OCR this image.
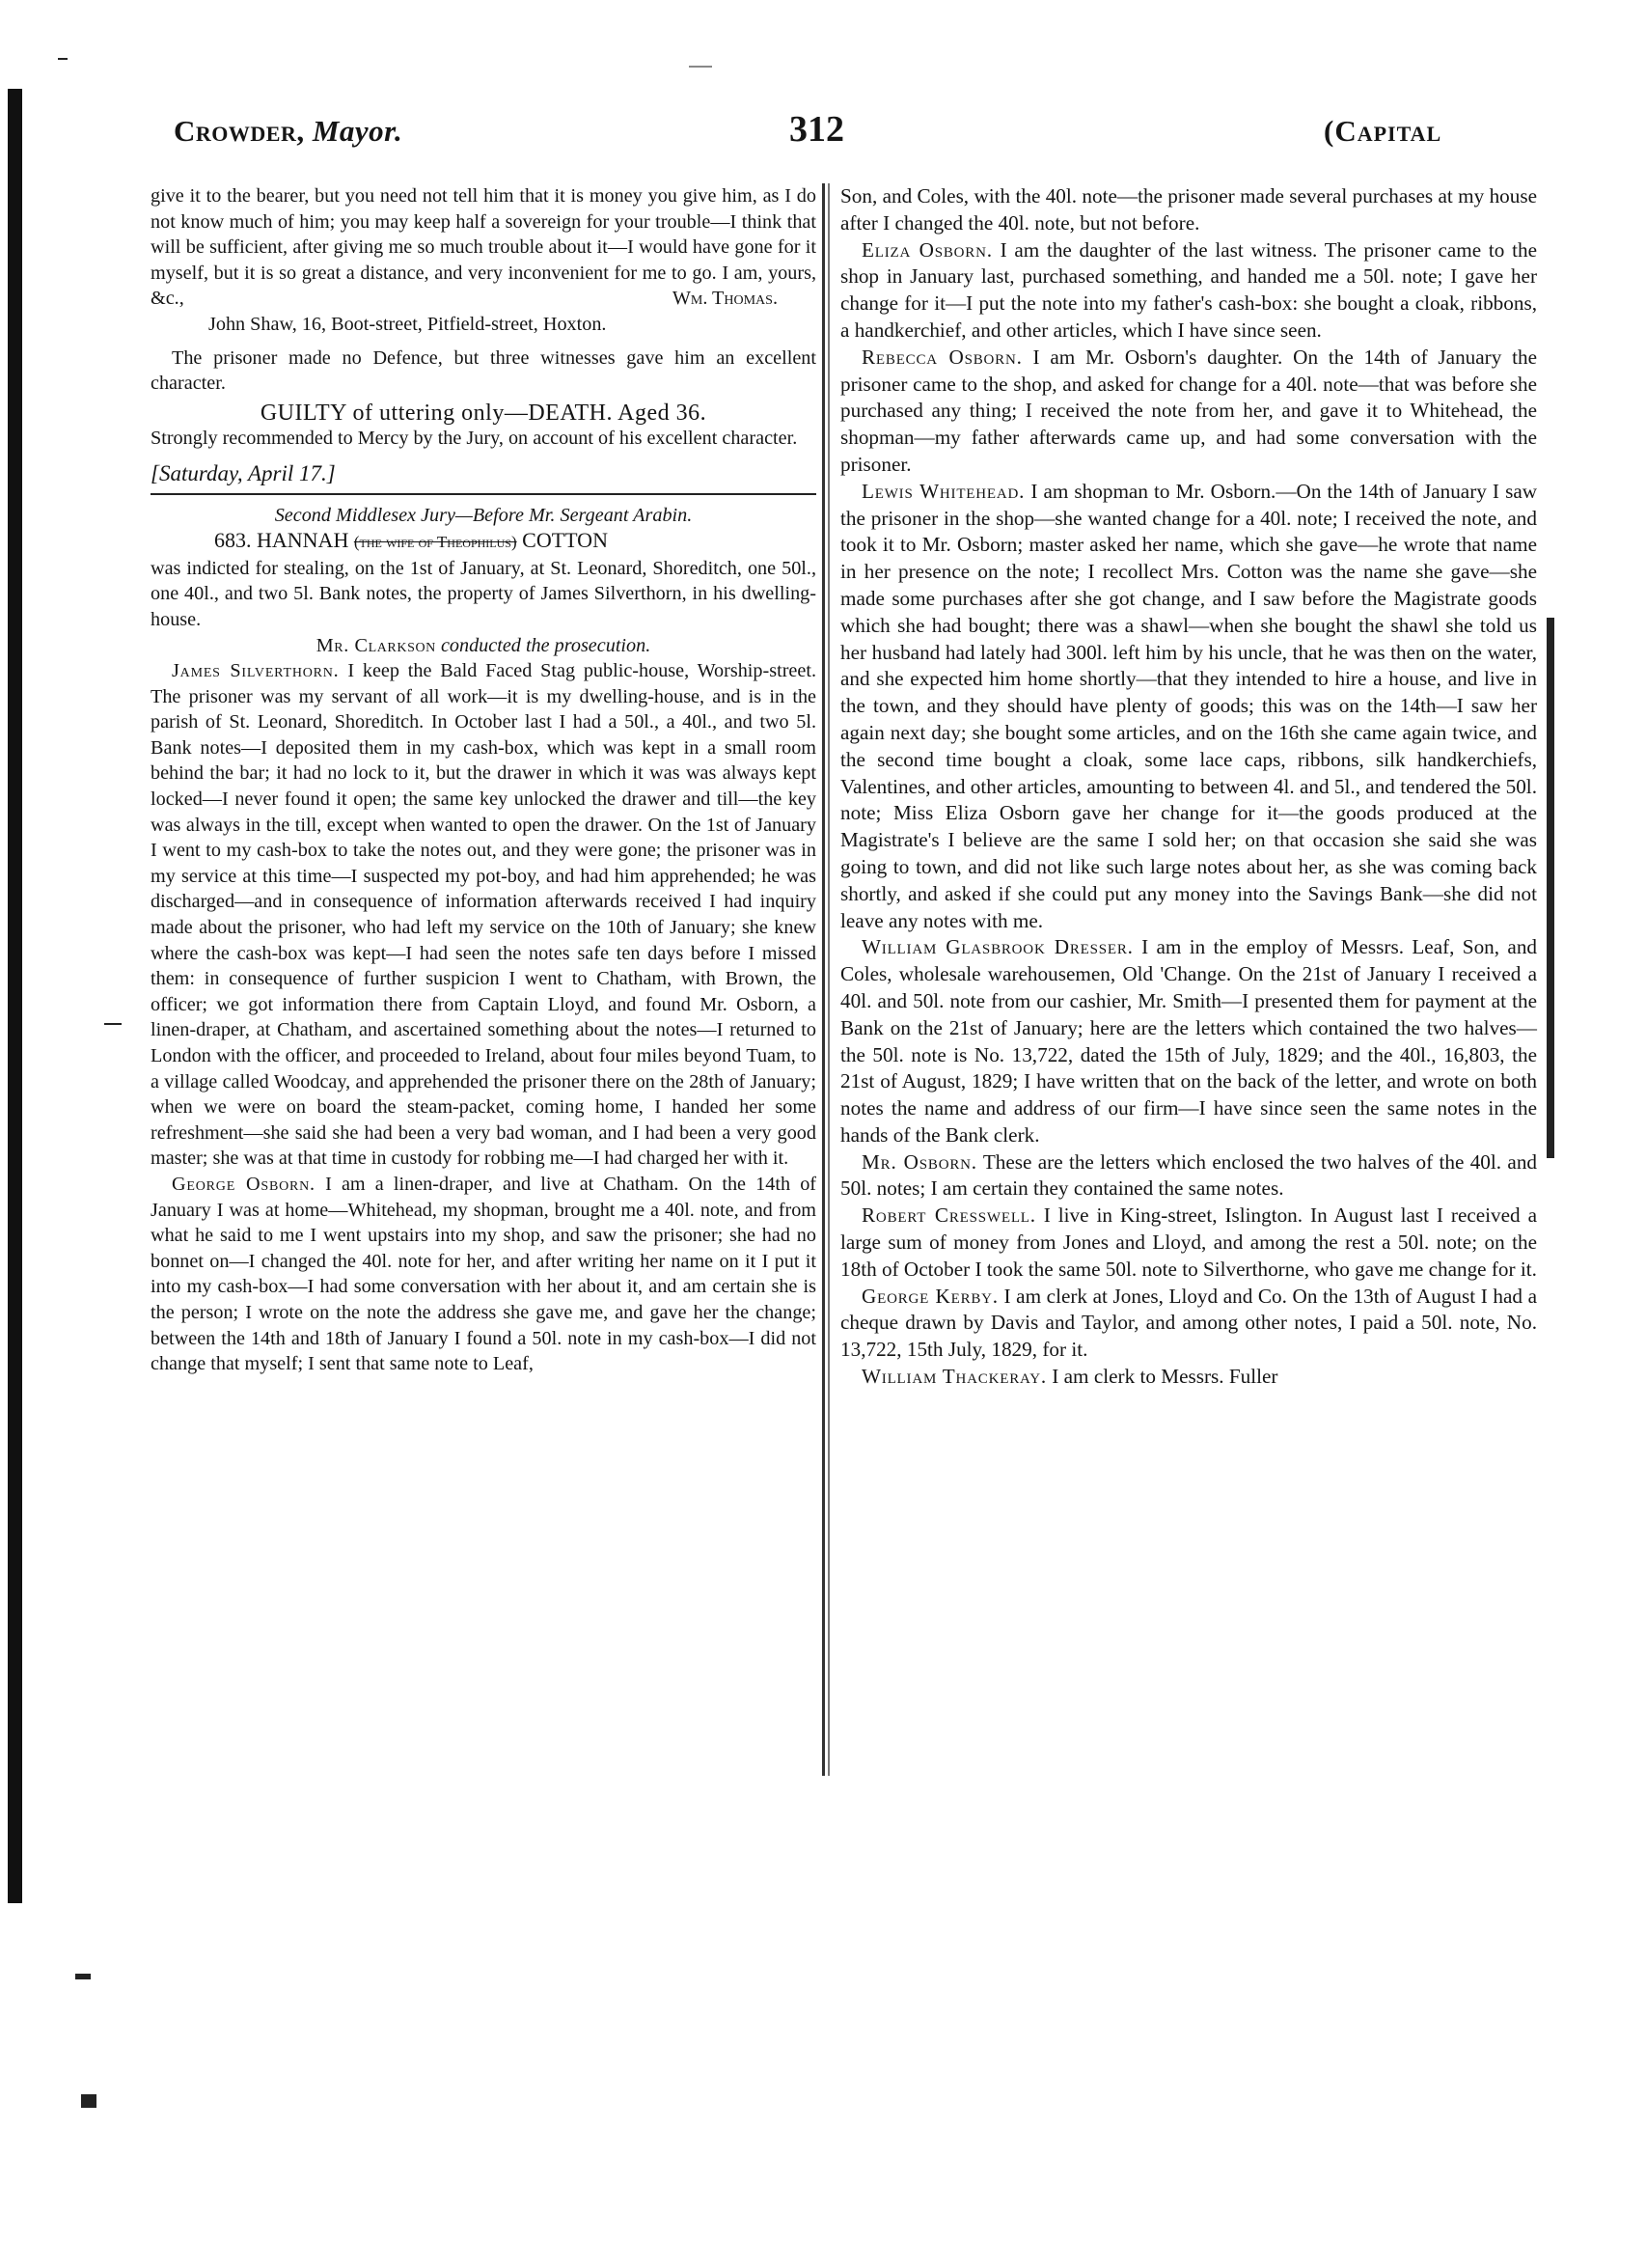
Crowder, Mayor.	312	(Capital

give it to the bearer, but you need not tell him that it is money you give him, as I do not know much of him; you may keep half a sovereign for your trouble—I think that will be sufficient, after giving me so much trouble about it—I would have gone for it myself, but it is so great a distance, and very inconvenient for me to go. I am, yours, &c.,	Wm. Thomas.

John Shaw, 16, Boot-street, Pitfield-street, Hoxton.

The prisoner made no Defence, but three witnesses gave him an excellent character.

GUILTY of uttering only—DEATH. Aged 36.

Strongly recommended to Mercy by the Jury, on account of his excellent character.

[Saturday, April 17.]

Second Middlesex Jury—Before Mr. Sergeant Arabin.

683. HANNAH (the wife of Theophilus) COTTON

was indicted for stealing, on the 1st of January, at St. Leonard, Shoreditch, one 50l., one 40l., and two 5l. Bank notes, the property of James Silverthorn, in his dwelling-house.

Mr. Clarkson conducted the prosecution.

James Silverthorn. I keep the Bald Faced Stag public-house, Worship-street. The prisoner was my servant of all work—it is my dwelling-house, and is in the parish of St. Leonard, Shoreditch. In October last I had a 50l., a 40l., and two 5l. Bank notes—I deposited them in my cash-box, which was kept in a small room behind the bar; it had no lock to it, but the drawer in which it was was always kept locked—I never found it open; the same key unlocked the drawer and till—the key was always in the till, except when wanted to open the drawer. On the 1st of January I went to my cash-box to take the notes out, and they were gone; the prisoner was in my service at this time—I suspected my pot-boy, and had him apprehended; he was discharged—and in consequence of information afterwards received I had inquiry made about the prisoner, who had left my service on the 10th of January; she knew where the cash-box was kept—I had seen the notes safe ten days before I missed them: in consequence of further suspicion I went to Chatham, with Brown, the officer; we got information there from Captain Lloyd, and found Mr. Osborn, a linen-draper, at Chatham, and ascertained something about the notes—I returned to London with the officer, and proceeded to Ireland, about four miles beyond Tuam, to a village called Woodcay, and apprehended the prisoner there on the 28th of January; when we were on board the steam-packet, coming home, I handed her some refreshment—she said she had been a very bad woman, and I had been a very good master; she was at that time in custody for robbing me—I had charged her with it.

George Osborn. I am a linen-draper, and live at Chatham. On the 14th of January I was at home—Whitehead, my shopman, brought me a 40l. note, and from what he said to me I went upstairs into my shop, and saw the prisoner; she had no bonnet on—I changed the 40l. note for her, and after writing her name on it I put it into my cash-box—I had some conversation with her about it, and am certain she is the person; I wrote on the note the address she gave me, and gave her the change; between the 14th and 18th of January I found a 50l. note in my cash-box—I did not change that myself; I sent that same note to Leaf,

Son, and Coles, with the 40l. note—the prisoner made several purchases at my house after I changed the 40l. note, but not before.

Eliza Osborn. I am the daughter of the last witness. The prisoner came to the shop in January last, purchased something, and handed me a 50l. note; I gave her change for it—I put the note into my father's cash-box: she bought a cloak, ribbons, a handkerchief, and other articles, which I have since seen.

Rebecca Osborn. I am Mr. Osborn's daughter. On the 14th of January the prisoner came to the shop, and asked for change for a 40l. note—that was before she purchased any thing; I received the note from her, and gave it to Whitehead, the shopman—my father afterwards came up, and had some conversation with the prisoner.

Lewis Whitehead. I am shopman to Mr. Osborn.—On the 14th of January I saw the prisoner in the shop—she wanted change for a 40l. note; I received the note, and took it to Mr. Osborn; master asked her name, which she gave—he wrote that name in her presence on the note; I recollect Mrs. Cotton was the name she gave—she made some purchases after she got change, and I saw before the Magistrate goods which she had bought; there was a shawl—when she bought the shawl she told us her husband had lately had 300l. left him by his uncle, that he was then on the water, and she expected him home shortly—that they intended to hire a house, and live in the town, and they should have plenty of goods; this was on the 14th—I saw her again next day; she bought some articles, and on the 16th she came again twice, and the second time bought a cloak, some lace caps, ribbons, silk handkerchiefs, Valentines, and other articles, amounting to between 4l. and 5l., and tendered the 50l. note; Miss Eliza Osborn gave her change for it—the goods produced at the Magistrate's I believe are the same I sold her; on that occasion she said she was going to town, and did not like such large notes about her, as she was coming back shortly, and asked if she could put any money into the Savings Bank—she did not leave any notes with me.

William Glasbrook Dresser. I am in the employ of Messrs. Leaf, Son, and Coles, wholesale warehousemen, Old 'Change. On the 21st of January I received a 40l. and 50l. note from our cashier, Mr. Smith—I presented them for payment at the Bank on the 21st of January; here are the letters which contained the two halves—the 50l. note is No. 13,722, dated the 15th of July, 1829; and the 40l., 16,803, the 21st of August, 1829; I have written that on the back of the letter, and wrote on both notes the name and address of our firm—I have since seen the same notes in the hands of the Bank clerk.

Mr. Osborn. These are the letters which enclosed the two halves of the 40l. and 50l. notes; I am certain they contained the same notes.

Robert Cresswell. I live in King-street, Islington. In August last I received a large sum of money from Jones and Lloyd, and among the rest a 50l. note; on the 18th of October I took the same 50l. note to Silverthorne, who gave me change for it.

George Kerby. I am clerk at Jones, Lloyd and Co. On the 13th of August I had a cheque drawn by Davis and Taylor, and among other notes, I paid a 50l. note, No. 13,722, 15th July, 1829, for it.

William Thackeray. I am clerk to Messrs. Fuller
